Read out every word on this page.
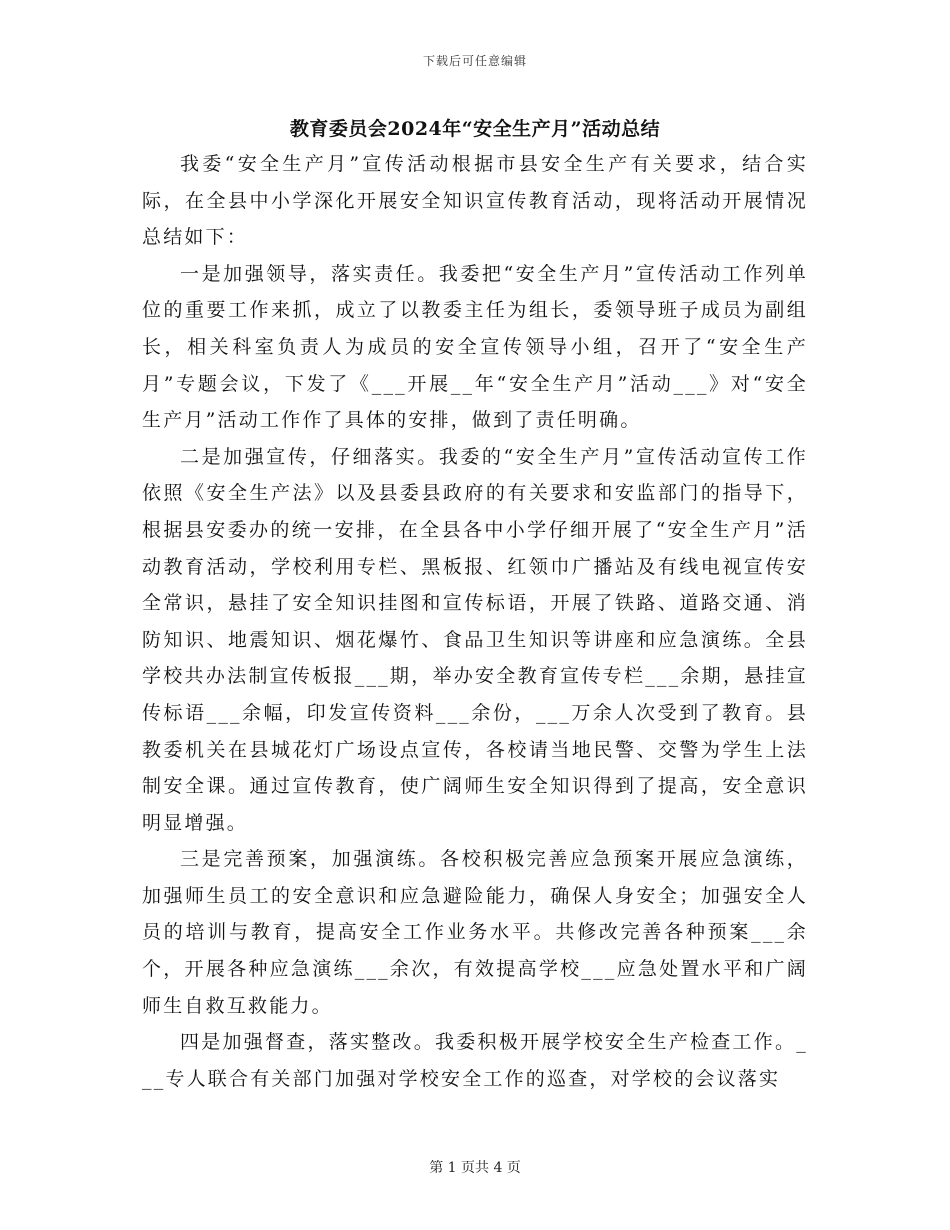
下载后可任意编辑
教育委员会2024年“安全生产月”活动总结

我委“安全生产月”宣传活动根据市县安全生产有关要求，结合实际，在全县中小学深化开展安全知识宣传教育活动，现将活动开展情况总结如下：

一是加强领导，落实责任。我委把“安全生产月”宣传活动工作列单位的重要工作来抓，成立了以教委主任为组长，委领导班子成员为副组长，相关科室负责人为成员的安全宣传领导小组，召开了“安全生产月”专题会议，下发了《___开展__年“安全生产月”活动___》对“安全生产月”活动工作作了具体的安排，做到了责任明确。

二是加强宣传，仔细落实。我委的“安全生产月”宣传活动宣传工作依照《安全生产法》以及县委县政府的有关要求和安监部门的指导下，根据县安委办的统一安排，在全县各中小学仔细开展了“安全生产月”活动教育活动，学校利用专栏、黑板报、红领巾广播站及有线电视宣传安全常识，悬挂了安全知识挂图和宣传标语，开展了铁路、道路交通、消防知识、地震知识、烟花爆竹、食品卫生知识等讲座和应急演练。全县学校共办法制宣传板报___期，举办安全教育宣传专栏___余期，悬挂宣传标语___余幅，印发宣传资料___余份，___万余人次受到了教育。县教委机关在县城花灯广场设点宣传，各校请当地民警、交警为学生上法制安全课。通过宣传教育，使广阔师生安全知识得到了提高，安全意识明显增强。

三是完善预案，加强演练。各校积极完善应急预案开展应急演练，加强师生员工的安全意识和应急避险能力，确保人身安全；加强安全人员的培训与教育，提高安全工作业务水平。共修改完善各种预案___余个，开展各种应急演练___余次，有效提高学校___应急处置水平和广阔师生自救互救能力。

四是加强督查，落实整改。我委积极开展学校安全生产检查工作。___专人联合有关部门加强对学校安全工作的巡查，对学校的会议落实

第 1 页共 4 页
